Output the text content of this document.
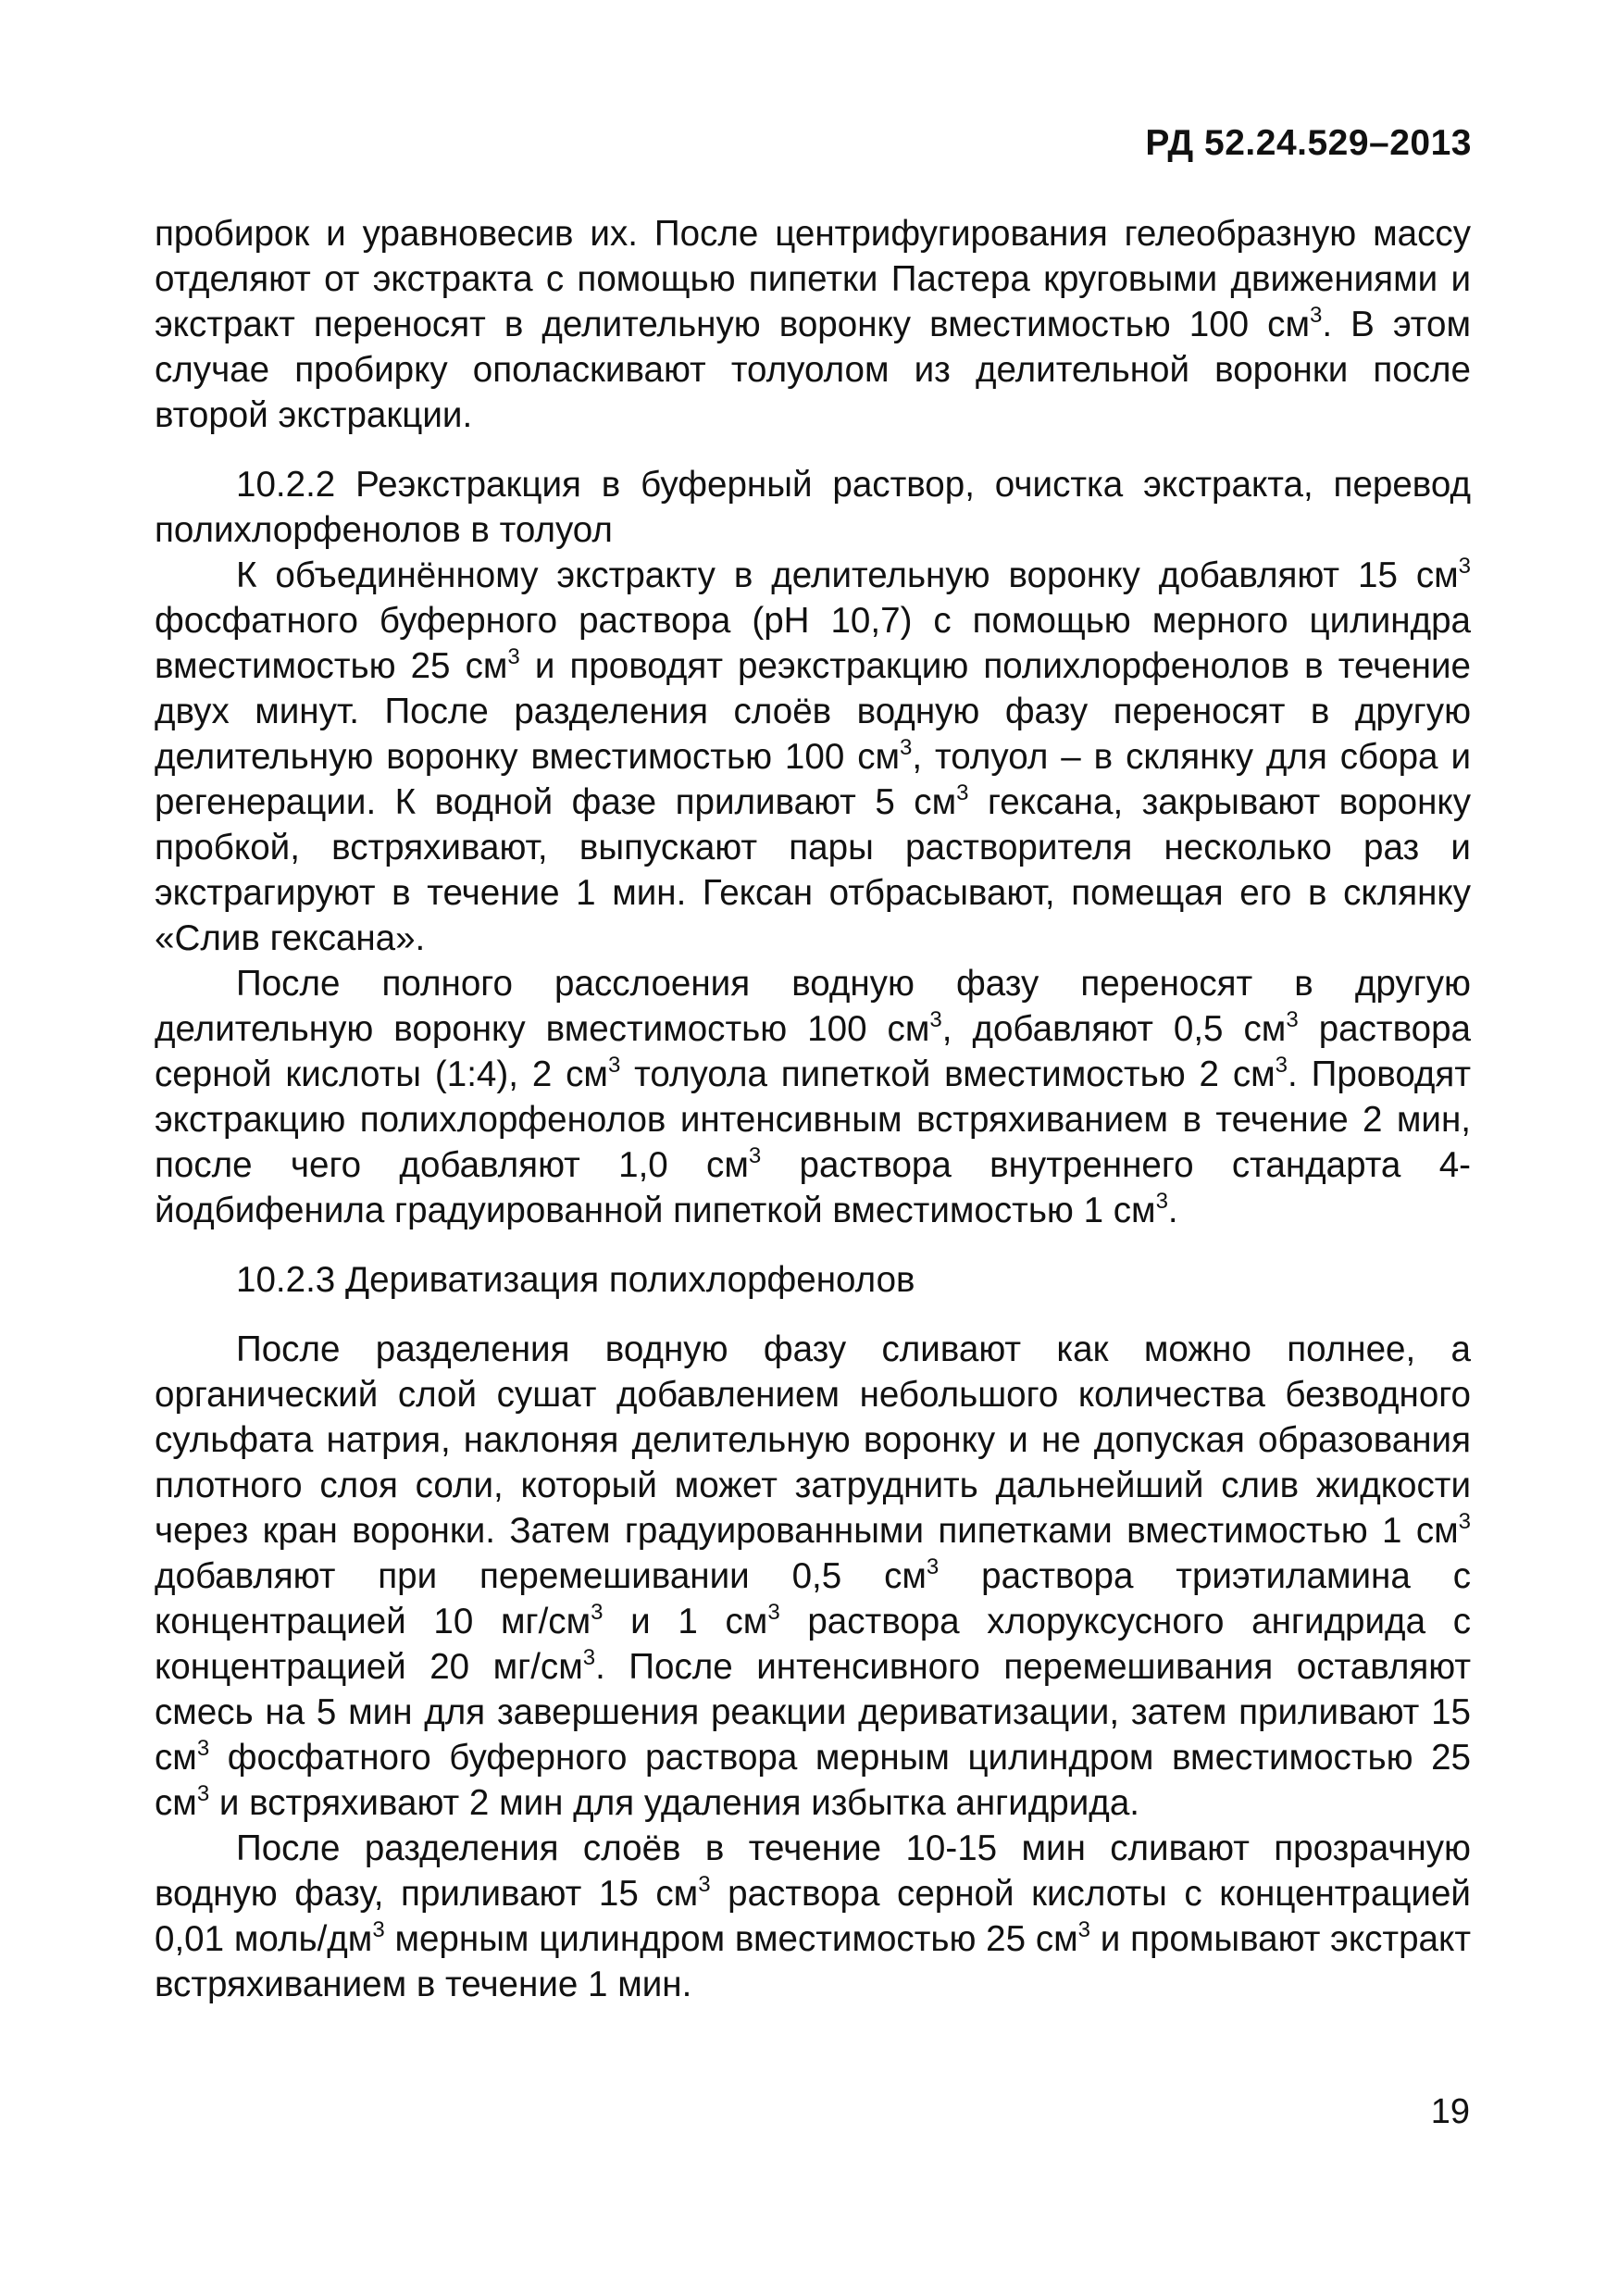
РД 52.24.529–2013

пробирок и уравновесив их. После центрифугирования гелеобразную массу отделяют от экстракта с помощью пипетки Пастера круговыми движениями и экстракт переносят в делительную воронку вместимостью 100 $см^3$. В этом случае пробирку ополаскивают толуолом из делительной воронки после второй экстракции.

10.2.2 Реэкстракция в буферный раствор, очистка экстракта, перевод полихлорфенолов в толуол

К объединённому экстракту в делительную воронку добавляют 15 $см^3$ фосфатного буферного раствора (рН 10,7) с помощью мерного цилиндра вместимостью 25 $см^3$ и проводят реэкстракцию полихлорфенолов в течение двух минут. После разделения слоёв водную фазу переносят в другую делительную воронку вместимостью 100 $см^3$, толуол – в склянку для сбора и регенерации. К водной фазе приливают 5 $см^3$ гексана, закрывают воронку пробкой, встряхивают, выпускают пары растворителя несколько раз и экстрагируют в течение 1 мин. Гексан отбрасывают, помещая его в склянку «Слив гексана».

После полного расслоения водную фазу переносят в другую делительную воронку вместимостью 100 $см^3$, добавляют 0,5 $см^3$ раствора серной кислоты (1:4), 2 $см^3$ толуола пипеткой вместимостью 2 $см^3$. Проводят экстракцию полихлорфенолов интенсивным встряхиванием в течение 2 мин, после чего добавляют 1,0 $см^3$ раствора внутреннего стандарта 4-йодбифенила градуированной пипеткой вместимостью 1 $см^3$.

10.2.3 Дериватизация полихлорфенолов

После разделения водную фазу сливают как можно полнее, а органический слой сушат добавлением небольшого количества безводного сульфата натрия, наклоняя делительную воронку и не допуская образования плотного слоя соли, который может затруднить дальнейший слив жидкости через кран воронки. Затем градуированными пипетками вместимостью 1 $см^3$ добавляют при перемешивании 0,5 $см^3$ раствора триэтиламина с концентрацией 10 $мг/см^3$ и 1 $см^3$ раствора хлоруксусного ангидрида с концентрацией 20 $мг/см^3$. После интенсивного перемешивания оставляют смесь на 5 мин для завершения реакции дериватизации, затем приливают 15 $см^3$ фосфатного буферного раствора мерным цилиндром вместимостью 25 $см^3$ и встряхивают 2 мин для удаления избытка ангидрида.

После разделения слоёв в течение 10-15 мин сливают прозрачную водную фазу, приливают 15 $см^3$ раствора серной кислоты с концентрацией 0,01 моль/$дм^3$ мерным цилиндром вместимостью 25 $см^3$ и промывают экстракт встряхиванием в течение 1 мин.

19
